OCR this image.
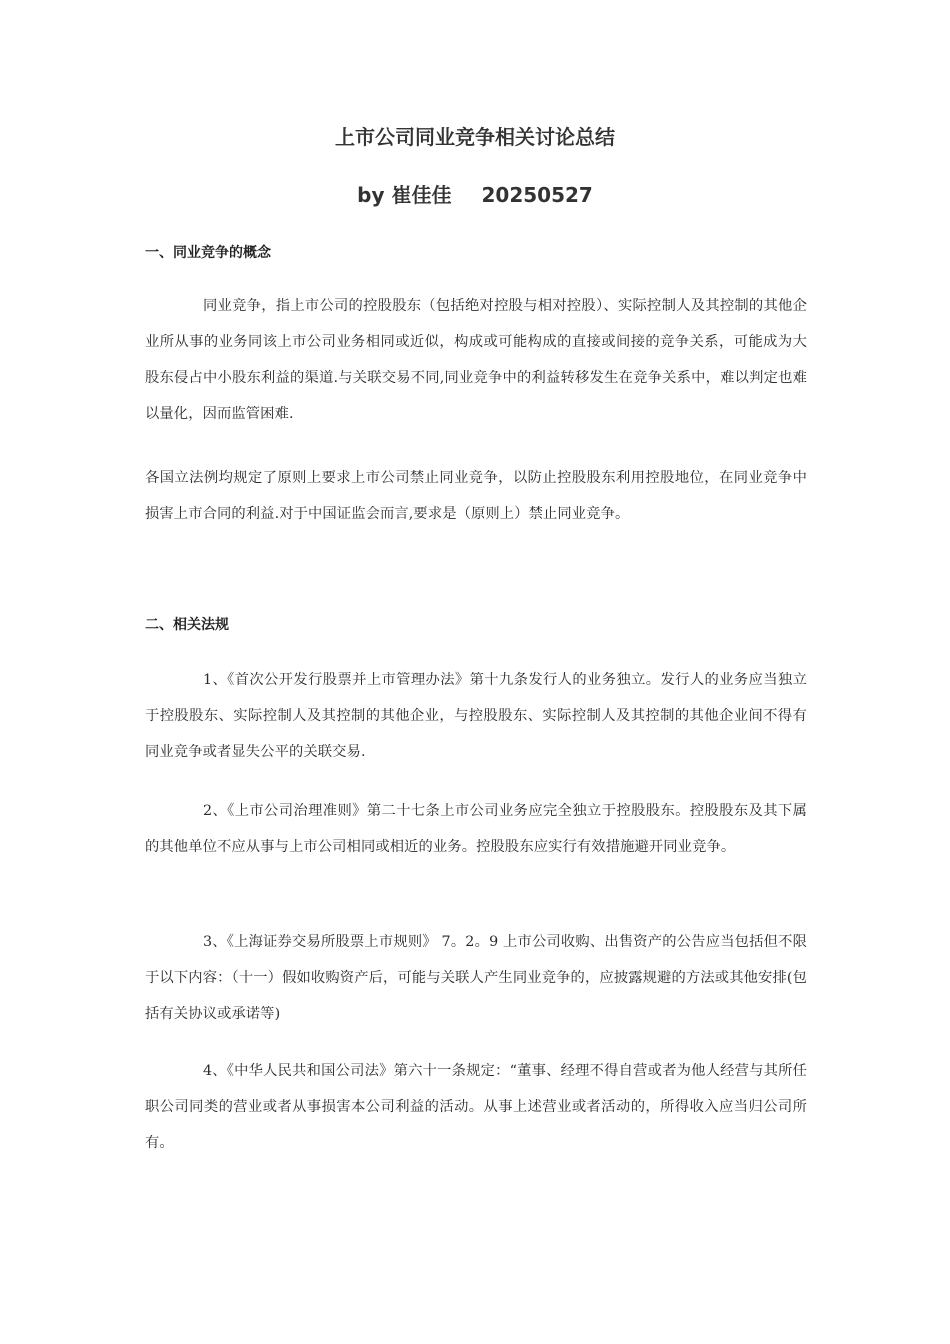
上市公司同业竞争相关讨论总结
by 崔佳佳 20250527
一、同业竞争的概念

同业竞争，指上市公司的控股股东（包括绝对控股与相对控股）、实际控制人及其控制的其他企业所从事的业务同该上市公司业务相同或近似，构成或可能构成的直接或间接的竞争关系，可能成为大股东侵占中小股东利益的渠道.与关联交易不同,同业竞争中的利益转移发生在竞争关系中，难以判定也难以量化，因而监管困难.

各国立法例均规定了原则上要求上市公司禁止同业竞争，以防止控股股东利用控股地位，在同业竞争中损害上市合同的利益.对于中国证监会而言,要求是（原则上）禁止同业竞争。

二、相关法规

1、《首次公开发行股票并上市管理办法》第十九条发行人的业务独立。发行人的业务应当独立于控股股东、实际控制人及其控制的其他企业，与控股股东、实际控制人及其控制的其他企业间不得有同业竞争或者显失公平的关联交易.

2、《上市公司治理准则》第二十七条上市公司业务应完全独立于控股股东。控股股东及其下属的其他单位不应从事与上市公司相同或相近的业务。控股股东应实行有效措施避开同业竞争。

3、《上海证券交易所股票上市规则》 7。2。9 上市公司收购、出售资产的公告应当包括但不限于以下内容：（十一）假如收购资产后，可能与关联人产生同业竞争的，应披露规避的方法或其他安排(包括有关协议或承诺等)

4、《中华人民共和国公司法》第六十一条规定：“董事、经理不得自营或者为他人经营与其所任职公司同类的营业或者从事损害本公司利益的活动。从事上述营业或者活动的，所得收入应当归公司所有。
